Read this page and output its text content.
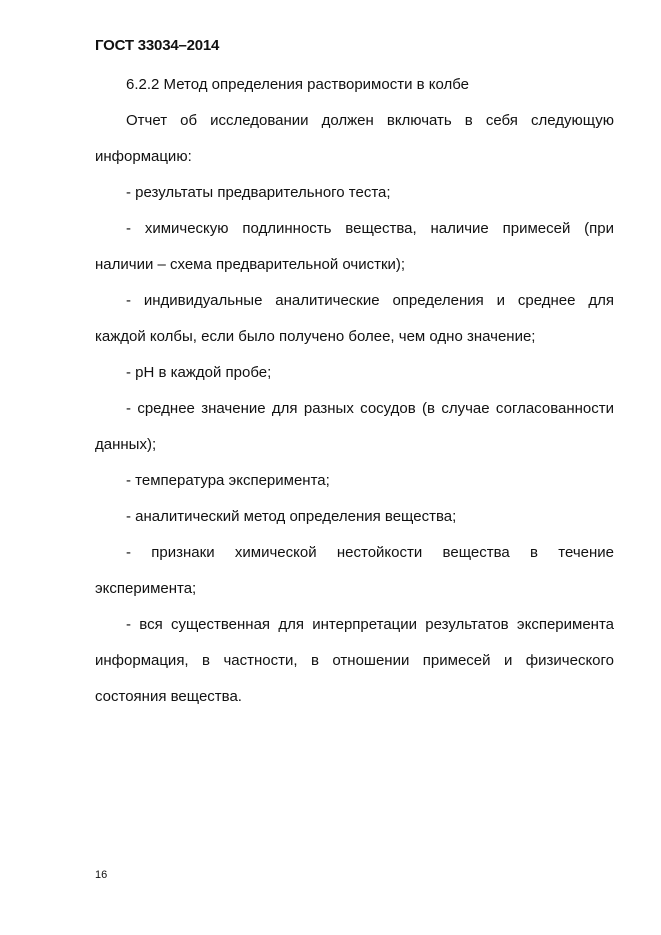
ГОСТ 33034–2014

6.2.2 Метод определения растворимости в колбе

Отчет об исследовании должен включать в себя следующую информацию:

- результаты предварительного теста;

- химическую подлинность вещества, наличие примесей (при наличии – схема предварительной очистки);

- индивидуальные аналитические определения и среднее для каждой колбы, если было получено более, чем одно значение;

- pH в каждой пробе;

- среднее значение для разных сосудов (в случае согласованности данных);

- температура эксперимента;

- аналитический метод определения вещества;

- признаки химической нестойкости вещества в течение эксперимента;

- вся существенная для интерпретации результатов эксперимента информация, в частности, в отношении примесей и физического состояния вещества.

16
